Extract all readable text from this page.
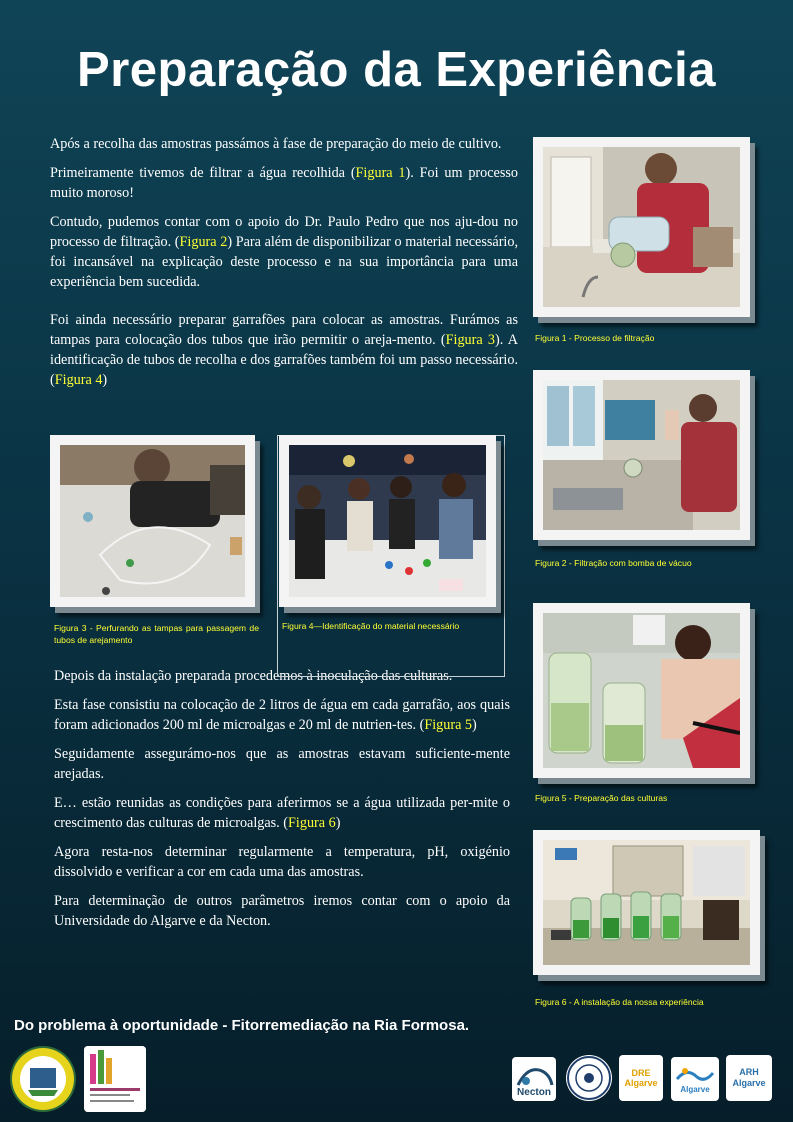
Preparação da Experiência

Após a recolha das amostras passámos à fase de preparação do meio de cultivo.

Primeiramente tivemos de filtrar a água recolhida (Figura 1). Foi um processo muito moroso!

Contudo, pudemos contar com o apoio do Dr. Paulo Pedro que nos aju-dou no processo de filtração. (Figura 2) Para além de disponibilizar o material necessário, foi incansável na explicação deste processo e na sua importância para uma experiência bem sucedida.

Foi ainda necessário preparar garrafões para colocar as amostras. Furámos as tampas para colocação dos tubos que irão permitir o areja-mento. (Figura 3). A identificação de tubos de recolha e dos garrafões também foi um passo necessário. (Figura 4)

Depois da instalação preparada procedemos à inoculação das culturas.

Esta fase consistiu na colocação de 2 litros de água em cada garrafão, aos quais foram adicionados 200 ml de microalgas e 20 ml de nutrien-tes. (Figura 5)

Seguidamente assegurámo-nos que as amostras estavam suficiente-mente arejadas.

E… estão reunidas as condições para aferirmos se a água utilizada per-mite o crescimento das culturas de microalgas. (Figura 6)

Agora resta-nos determinar regularmente a temperatura, pH, oxigénio dissolvido e verificar a cor em cada uma das amostras.

Para determinação de outros parâmetros iremos contar com o apoio da Universidade do Algarve e da Necton.

Figura 1 - Processo de filtração
Figura 2 - Filtração com bomba de vácuo
Figura 3 - Perfurando as tampas para passagem de tubos de arejamento
Figura 4—Identificação do material necessário
Figura 5 - Preparação das culturas
Figura 6 - A instalação da nossa experiência
Do problema à oportunidade - Fitorremediação na Ria Formosa.
Necton
DRE Algarve
Algarve
ARH Algarve
